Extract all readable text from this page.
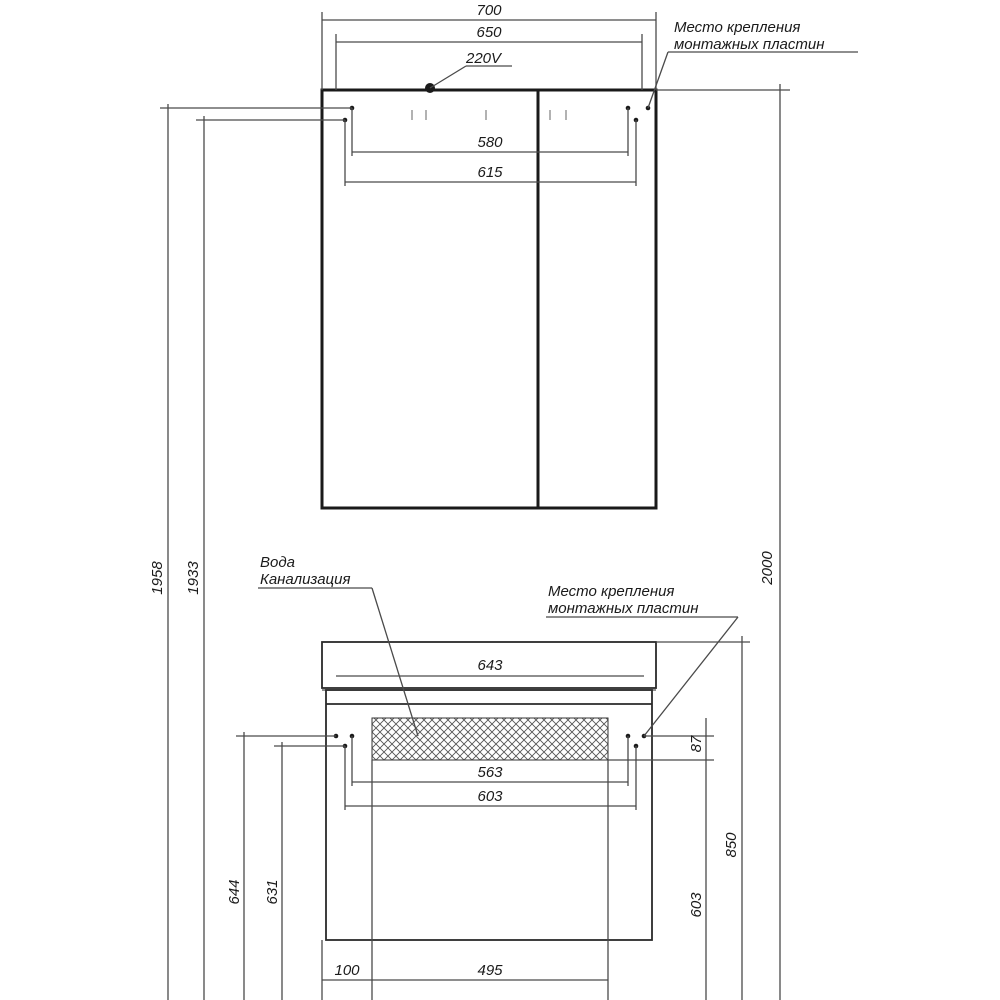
700
650
220V
580
615
Место крепления
монтажных пластин
643
563
603
Вода
Канализация
Место крепления
монтажных пластин
2000
1958 1933
850
87
603
644 631
100	495
